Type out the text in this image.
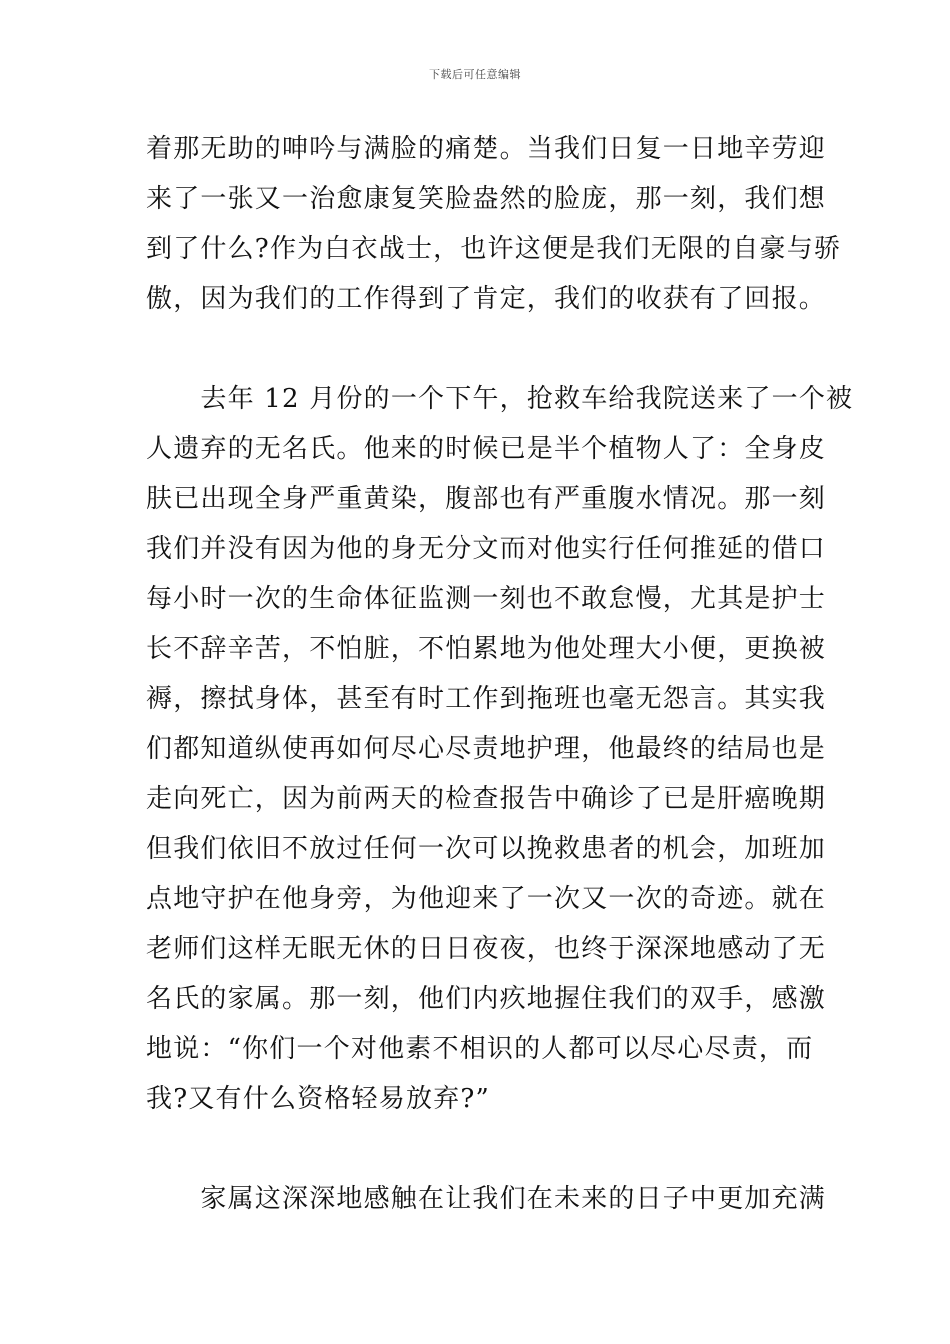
下载后可任意编辑
着那无助的呻吟与满脸的痛楚。当我们日复一日地辛劳迎
来了一张又一治愈康复笑脸盎然的脸庞，那一刻，我们想
到了什么?作为白衣战士，也许这便是我们无限的自豪与骄
傲，因为我们的工作得到了肯定，我们的收获有了回报。
　　去年 12 月份的一个下午，抢救车给我院送来了一个被
人遗弃的无名氏。他来的时候已是半个植物人了：全身皮
肤已出现全身严重黄染，腹部也有严重腹水情况。那一刻
我们并没有因为他的身无分文而对他实行任何推延的借口
每小时一次的生命体征监测一刻也不敢怠慢，尤其是护士
长不辞辛苦，不怕脏，不怕累地为他处理大小便，更换被
褥，擦拭身体，甚至有时工作到拖班也毫无怨言。其实我
们都知道纵使再如何尽心尽责地护理，他最终的结局也是
走向死亡，因为前两天的检查报告中确诊了已是肝癌晚期
但我们依旧不放过任何一次可以挽救患者的机会，加班加
点地守护在他身旁，为他迎来了一次又一次的奇迹。就在
老师们这样无眠无休的日日夜夜，也终于深深地感动了无
名氏的家属。那一刻，他们内疚地握住我们的双手，感激
地说：“你们一个对他素不相识的人都可以尽心尽责，而
我?又有什么资格轻易放弃?”
　　家属这深深地感触在让我们在未来的日子中更加充满
